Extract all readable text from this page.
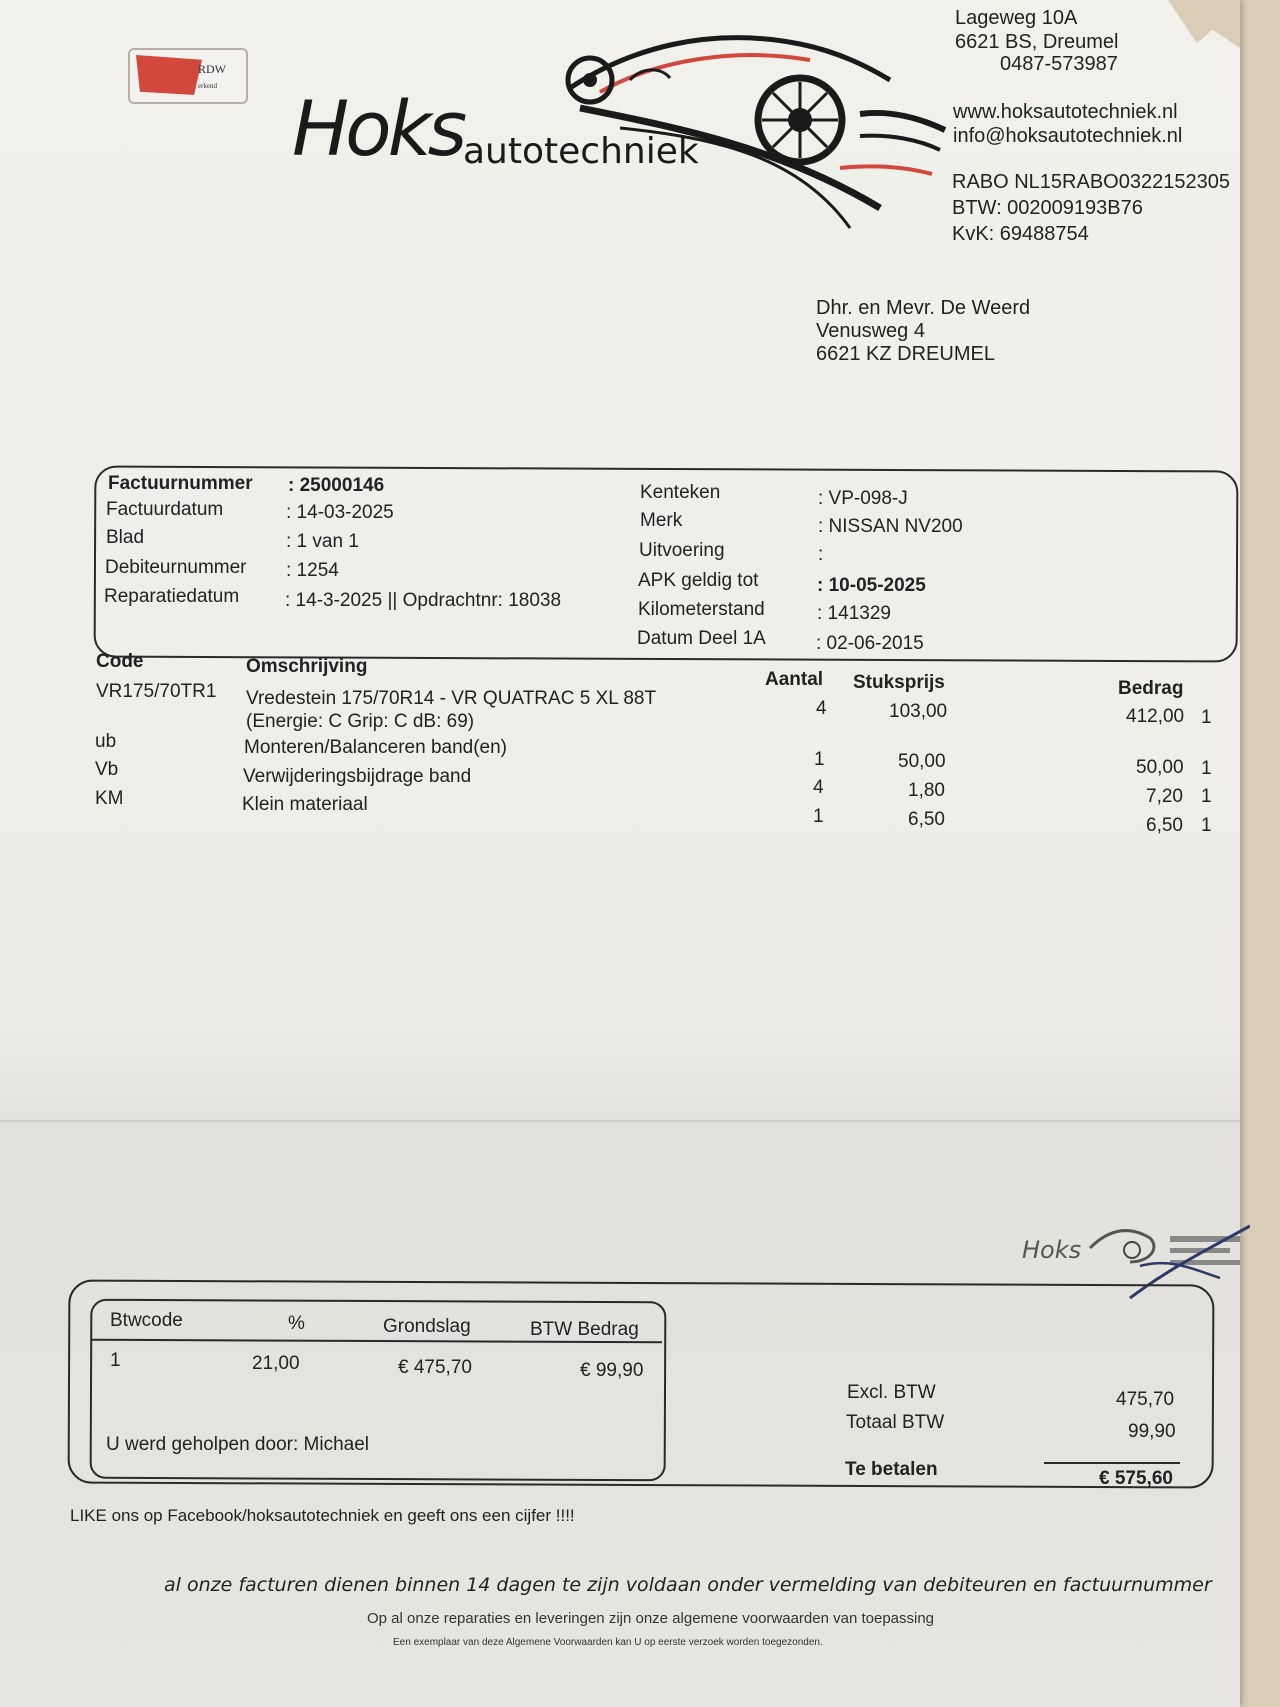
RDW
erkend Hoks autotechniek
Lageweg 10A
6621 BS, Dreumel
0487-573987
www.hoksautotechniek.nl
info@hoksautotechniek.nl
RABO NL15RABO0322152305
BTW: 002009193B76
KvK: 69488754
Dhr. en Mevr. De Weerd
Venusweg 4
6621 KZ DREUMEL
Factuurnummer : 25000146
Factuurdatum	: 14-03-2025
Blad	: 1 van 1
Debiteurnummer : 1254
Reparatiedatum : 14-3-2025 || Opdrachtnr: 18038
Kenteken	: VP-098-J
Merk	: NISSAN NV200
Uitvoering	:
APK geldig tot	: 10-05-2025
Kilometerstand	: 141329
Datum Deel 1A	: 02-06-2015
Code	Omschrijving
Aantal Stuksprijs	Bedrag
VR175/70TR1 Vredestein 175/70R14 - VR QUATRAC 5 XL 88T
(Energie: C Grip: C dB: 69)
4	103,00	412,00 1
ub	Monteren/Balanceren band(en)
1	50,00	50,00 1
Vb	Verwijderingsbijdrage band
4	1,80	7,20 1
KM	Klein materiaal
1	6,50	6,50 1
Hoks
Btwcode	%	Grondslag	BTW Bedrag
1	21,00	€ 475,70	€ 99,90
U werd geholpen door: Michael
Excl. BTW	475,70
Totaal BTW	99,90
Te betalen	€ 575,60
LIKE ons op Facebook/hoksautotechniek en geeft ons een cijfer !!!!
al onze facturen dienen binnen 14 dagen te zijn voldaan onder vermelding van debiteuren en factuurnummer
Op al onze reparaties en leveringen zijn onze algemene voorwaarden van toepassing
Een exemplaar van deze Algemene Voorwaarden kan U op eerste verzoek worden toegezonden.
